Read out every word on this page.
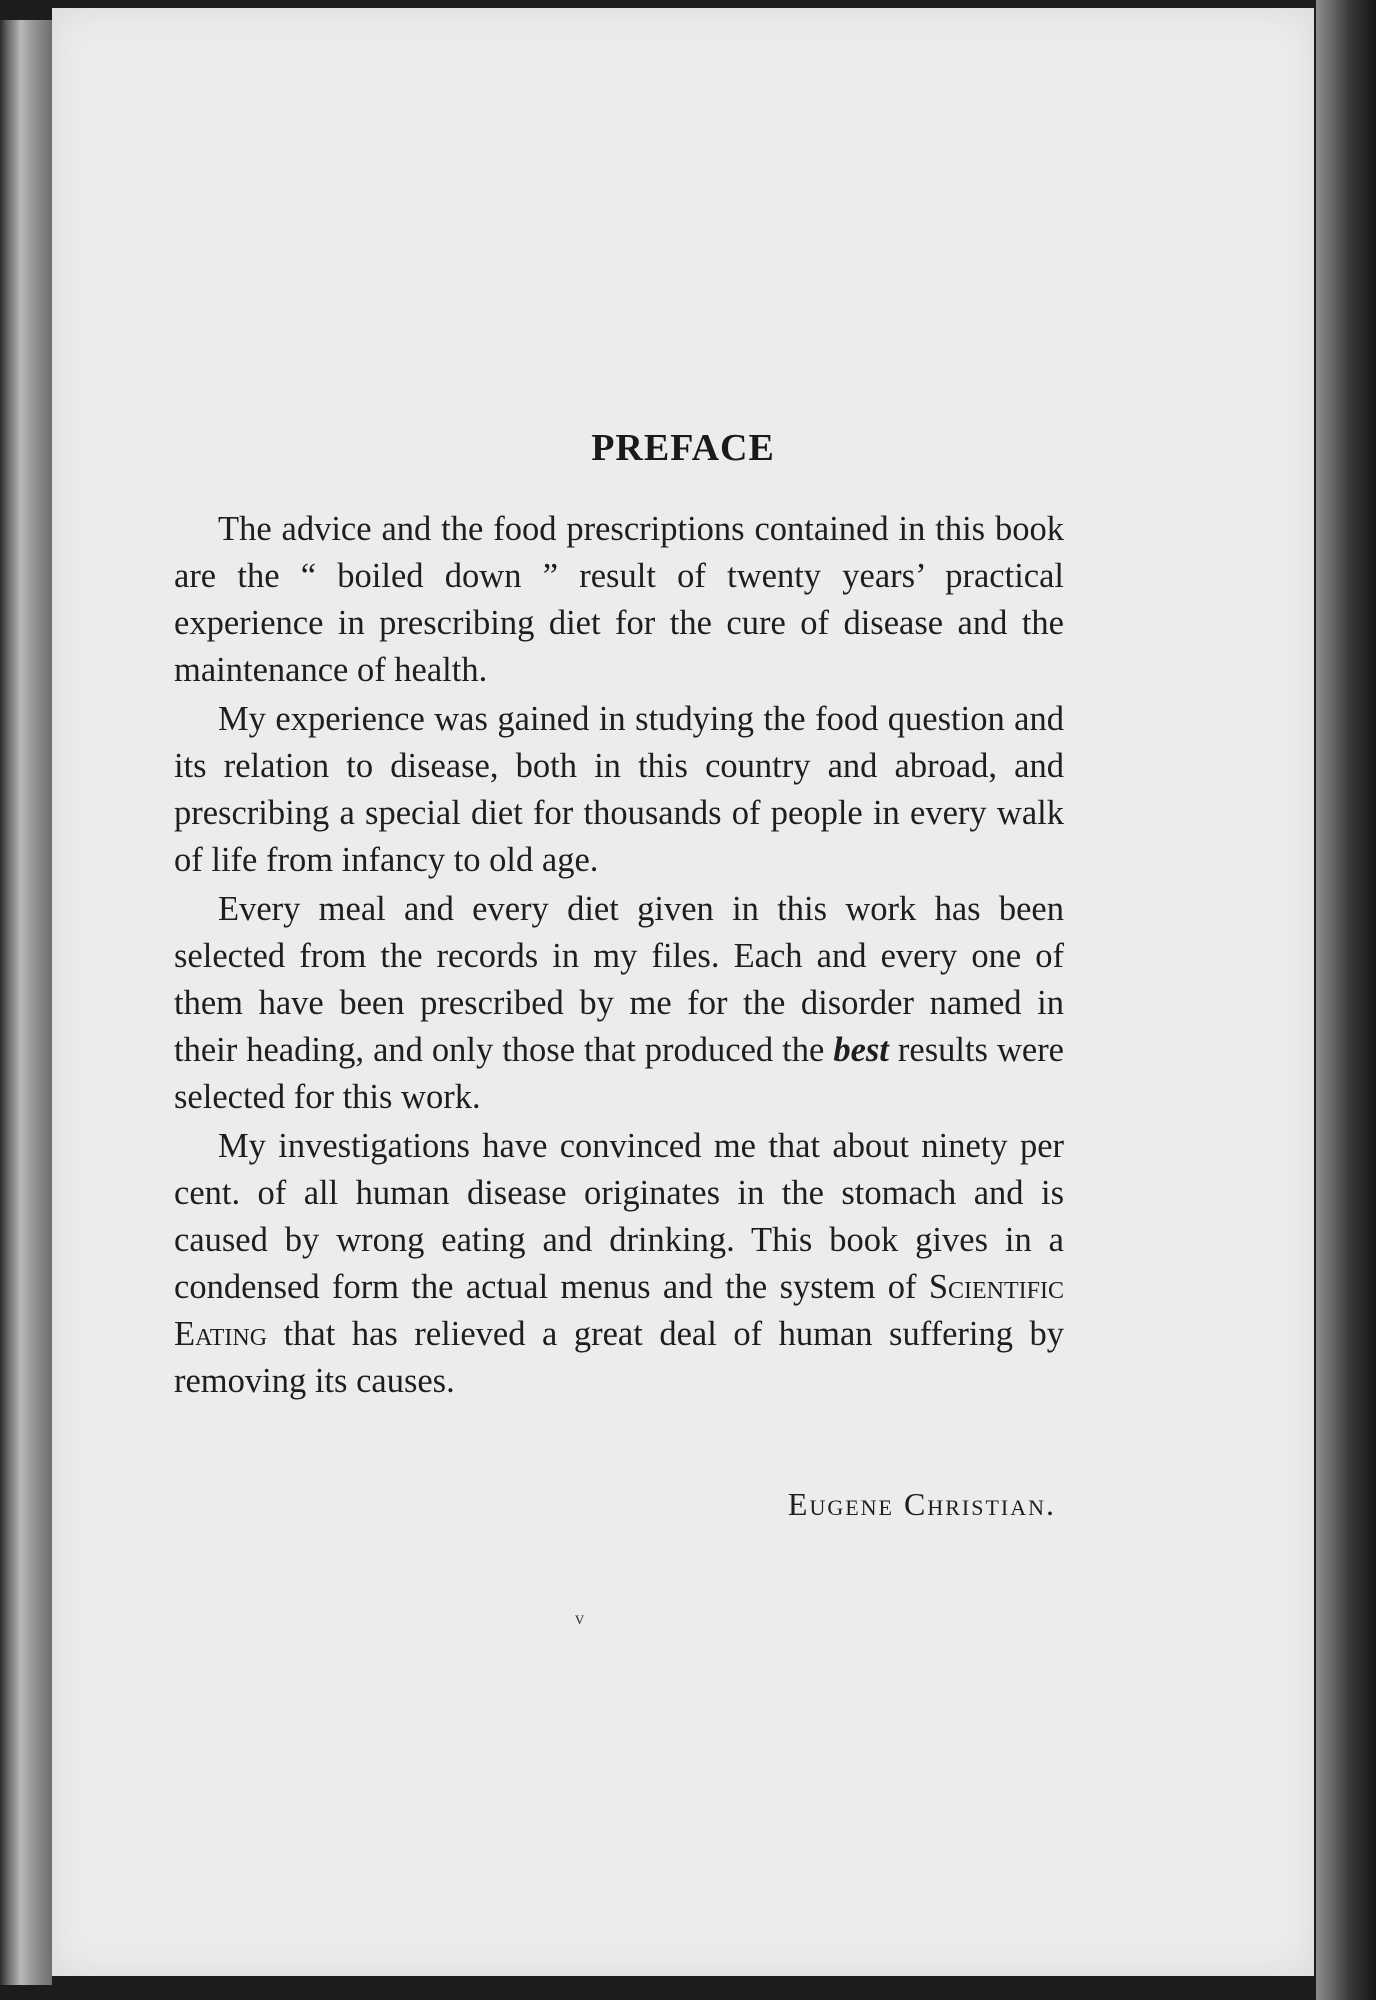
PREFACE

The advice and the food prescriptions contained in this book are the “ boiled down ” result of twenty years’ practical experience in prescribing diet for the cure of disease and the maintenance of health.

My experience was gained in studying the food question and its relation to disease, both in this country and abroad, and prescribing a special diet for thousands of people in every walk of life from infancy to old age.

Every meal and every diet given in this work has been selected from the records in my files. Each and every one of them have been prescribed by me for the disorder named in their heading, and only those that produced the best results were selected for this work.

My investigations have convinced me that about ninety per cent. of all human disease originates in the stomach and is caused by wrong eating and drinking. This book gives in a condensed form the actual menus and the system of Scientific Eating that has relieved a great deal of human suffering by removing its causes.

Eugene Christian.
v
